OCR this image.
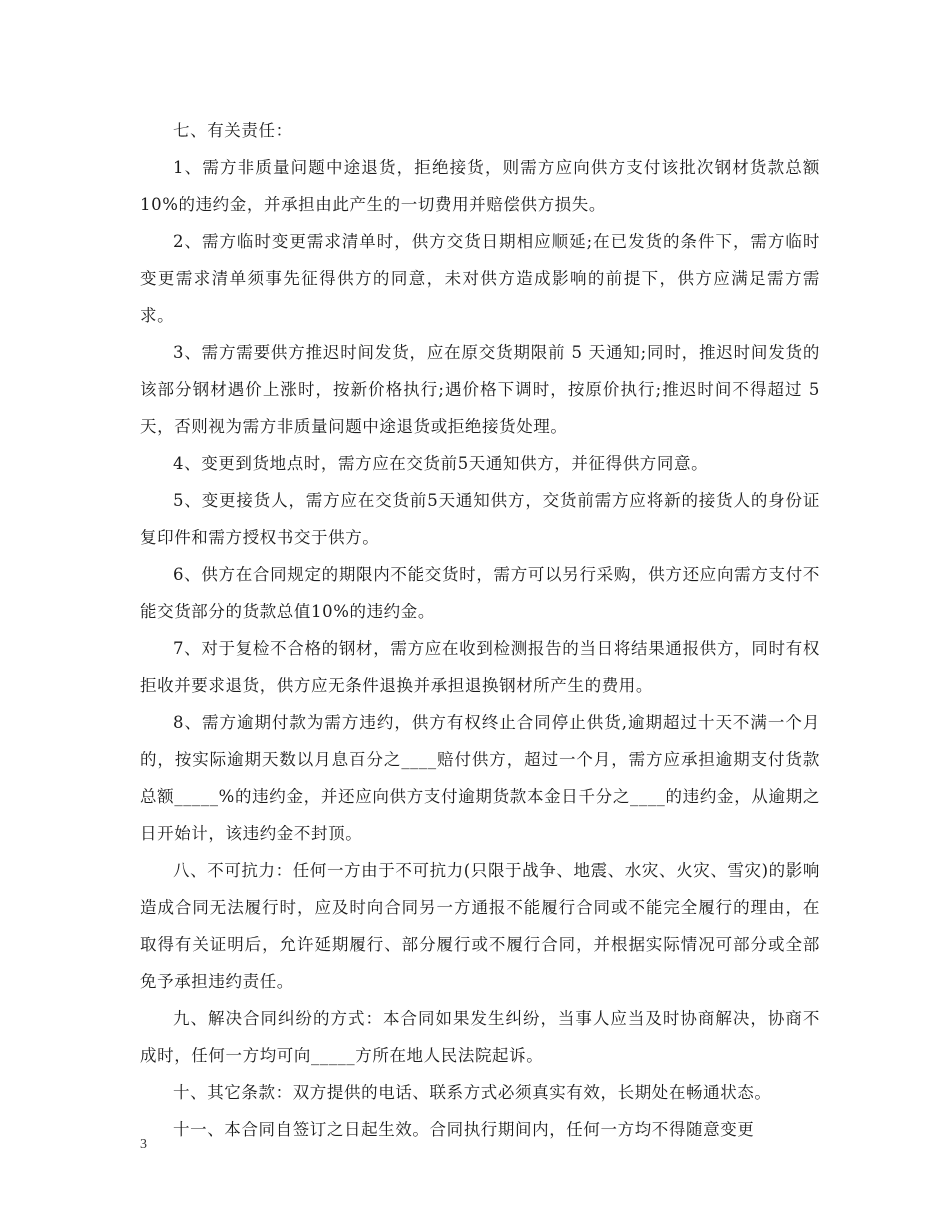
七、有关责任：

1、需方非质量问题中途退货，拒绝接货，则需方应向供方支付该批次钢材货款总额10%的违约金，并承担由此产生的一切费用并赔偿供方损失。

2、需方临时变更需求清单时，供方交货日期相应顺延;在已发货的条件下，需方临时变更需求清单须事先征得供方的同意，未对供方造成影响的前提下，供方应满足需方需求。

3、需方需要供方推迟时间发货，应在原交货期限前 5 天通知;同时，推迟时间发货的该部分钢材遇价上涨时，按新价格执行;遇价格下调时，按原价执行;推迟时间不得超过 5 天，否则视为需方非质量问题中途退货或拒绝接货处理。

4、变更到货地点时，需方应在交货前5天通知供方，并征得供方同意。

5、变更接货人，需方应在交货前5天通知供方，交货前需方应将新的接货人的身份证复印件和需方授权书交于供方。

6、供方在合同规定的期限内不能交货时，需方可以另行采购，供方还应向需方支付不能交货部分的货款总值10%的违约金。

7、对于复检不合格的钢材，需方应在收到检测报告的当日将结果通报供方，同时有权拒收并要求退货，供方应无条件退换并承担退换钢材所产生的费用。

8、需方逾期付款为需方违约，供方有权终止合同停止供货,逾期超过十天不满一个月的，按实际逾期天数以月息百分之____赔付供方，超过一个月，需方应承担逾期支付货款总额_____%的违约金，并还应向供方支付逾期货款本金日千分之____的违约金，从逾期之日开始计，该违约金不封顶。

八、不可抗力：任何一方由于不可抗力(只限于战争、地震、水灾、火灾、雪灾)的影响造成合同无法履行时，应及时向合同另一方通报不能履行合同或不能完全履行的理由，在取得有关证明后，允许延期履行、部分履行或不履行合同，并根据实际情况可部分或全部免予承担违约责任。

九、解决合同纠纷的方式：本合同如果发生纠纷，当事人应当及时协商解决，协商不成时，任何一方均可向_____方所在地人民法院起诉。

十、其它条款：双方提供的电话、联系方式必须真实有效，长期处在畅通状态。

十一、本合同自签订之日起生效。合同执行期间内，任何一方均不得随意变更

3
